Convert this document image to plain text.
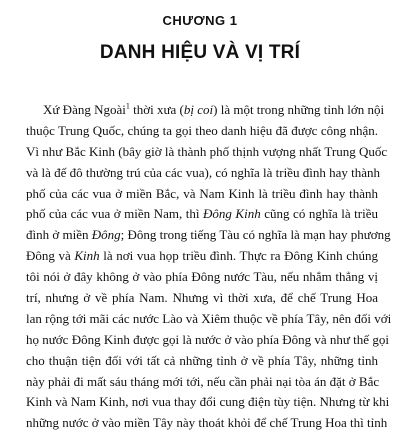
CHƯƠNG 1
DANH HIỆU VÀ VỊ TRÍ
Xứ Đàng Ngoài$^1$ thời xưa (bị coi) là một trong những tỉnh lớn nội
thuộc Trung Quốc, chúng ta gọi theo danh hiệu đã được công nhận.
Vì như Bắc Kinh (bây giờ là thành phố thịnh vượng nhất Trung Quốc
và là đế đô thường trú của các vua), có nghĩa là triều đình hay thành
phố của các vua ở miền Bắc, và Nam Kinh là triều đình hay thành
phố của các vua ở miền Nam, thì Đông Kinh cũng có nghĩa là triều
đình ở miền Đông; Đông trong tiếng Tàu có nghĩa là mạn hay phương
Đông và Kinh là nơi vua họp triều đình. Thực ra Đông Kinh chúng
tôi nói ở đây không ở vào phía Đông nước Tàu, nếu nhắm thẳng vị
trí, nhưng ở về phía Nam. Nhưng vì thời xưa, để chế Trung Hoa
lan rộng tới mãi các nước Lào và Xiêm thuộc về phía Tây, nên đối với
họ nước Đông Kinh được gọi là nước ở vào phía Đông và như thế gọi
cho thuận tiện đối với tất cả những tỉnh ở về phía Tây, những tỉnh
này phải đi mất sáu tháng mới tới, nếu cần phải nại tòa án đặt ở Bắc
Kinh và Nam Kinh, nơi vua thay đổi cung điện tùy tiện. Nhưng từ khi
những nước ở vào miền Tây này thoát khỏi để chế Trung Hoa thì tỉnh
